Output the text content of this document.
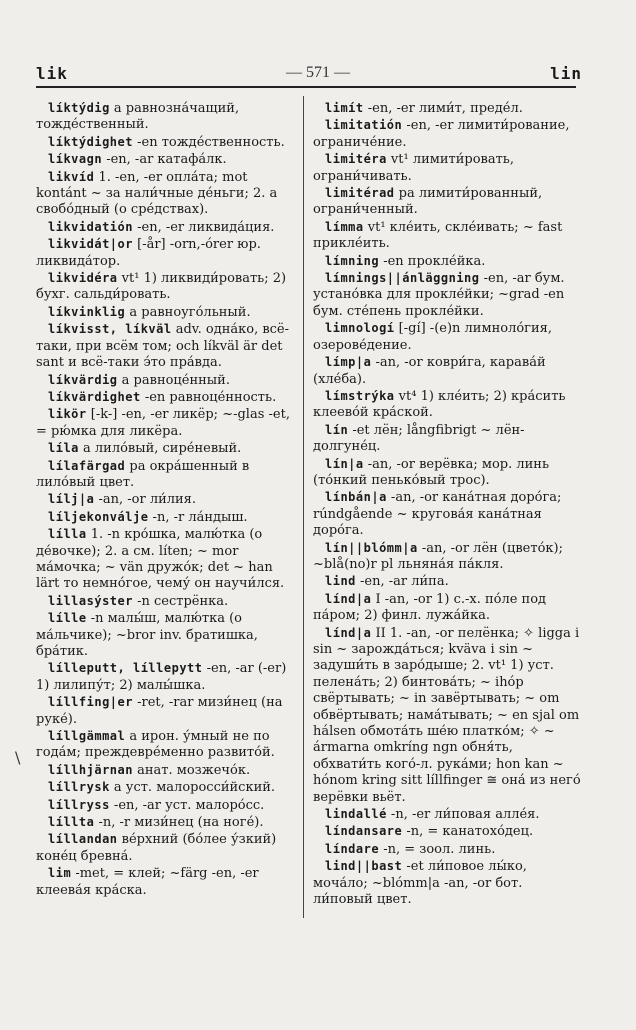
— 571 —
lik	lin
\

líktýdig a равнозна́чащий, тожде́ственный.

líktýdighet -en тожде́ственность.

líkvagn -en, -ar катафа́лк.

likvíd 1. -en, -er опла́та; mot kontánt ~ за нали́чные де́ньги; 2. a свобо́дный (о сре́дствах).

likvidatión -en, -er ликвида́ция.

likvidát|or [-år] -orn,-órer юр. ликвида́тор.

likvidéra vt¹ 1) ликвиди́ровать; 2) бухг. сальди́ровать.

líkvinklig a равноуго́льный.

líkvisst, líkväl adv. одна́ко, всё-таки, при всём том; och líkväl är det sant и всё-таки э́то пра́вда.

líkvärdig a равноце́нный.

líkvärdighet -en равноце́нность.

likör [-k-] -en, -er ликёр; ~-glas -et, = рю́мка для ликёра.

líla a лило́вый, сире́невый.

lílafärgad pa окра́шенный в лило́вый цвет.

lílj|a -an, -or ли́лия.

líljekonválje -n, -r ла́ндыш.

lílla 1. -n кро́шка, малю́тка (о де́вочке); 2. a см. líten; ~ mor ма́мочка; ~ vän дружо́к; det ~ han lärt то немно́гое, чему́ он научи́лся.

lillasýster -n сестрёнка.

lílle -n малы́ш, малю́тка (о ма́льчике); ~bror inv. братишка, бра́тик.

lílleputt, líllepytt -en, -ar (-er) 1) лилипу́т; 2) малы́шка.

líllfing|er -ret, -rar мизи́нец (на руке́).

líllgämmal a ирон. у́мный не по года́м; преждевре́менно развито́й.

líllhjärnan анат. мозжечо́к.

líllrysk a уст. малоросси́йский.

líllryss -en, -ar уст. малоро́сс.

líllta -n, -r мизи́нец (на ноге́).

líllandan ве́рхний (бо́лее у́зкий) коне́ц бревна́.

lim -met, = клей; ~färg -en, -er клеева́я кра́ска.

limít -en, -er лими́т, преде́л.

limitatión -en, -er лимити́рование, ограниче́ние.

limitéra vt¹ лимити́ровать, ограни́чивать.

limitérad pa лимити́рованный, ограни́ченный.

límma vt¹ кле́ить, скле́ивать; ~ fast прикле́ить.

límning -en прокле́йка.

límnings||ánläggning -en, -ar бум. устано́вка для прокле́йки; ~grad -en бум. сте́пень прокле́йки.

limnologí [-gí] -(e)n лимноло́гия, озерове́дение.

límp|a -an, -or коври́га, карава́й (хле́ба).

límstrýka vt⁴ 1) кле́ить; 2) кра́сить клеево́й кра́ской.

lín -et лён; långfibrigt ~ лён-долгуне́ц.

lín|a -an, -or верёвка; мор. линь (то́нкий пенько́вый трос).

línbán|a -an, -or кана́тная доро́га; rúndgående ~ кругова́я кана́тная доро́га.

lín||blómm|a -an, -or лён (цвето́к); ~blå(no)r pl льняна́я па́кля.

lind -en, -ar ли́па.

línd|a I -an, -or 1) с.-х. по́ле под па́ром; 2) финл. лужа́йка.

línd|a II 1. -an, -or пелёнка; ✧ ligga i sin ~ зарожда́ться; kväva i sin ~ задуши́ть в заро́дыше; 2. vt¹ 1) уст. пелена́ть; 2) бинтова́ть; ~ ihóp свёртывать; ~ in завёртывать; ~ om обвёртывать; нама́тывать; ~ en sjal om hálsen обмота́ть ше́ю платко́м; ✧ ~ ármarna omkríng ngn обня́ть, обхвати́ть кого́-л. рука́ми; hon kan ~ hónom kring sitt líllfinger ≅ она́ из него́ верёвки вьёт.

lindallé -n, -er ли́повая алле́я.

líndansare -n, = канатохо́дец.

líndare -n, = зоол. линь.

lind||bast -et ли́повое лы́ко, моча́ло; ~blómm|a -an, -or бот. ли́повый цвет.
